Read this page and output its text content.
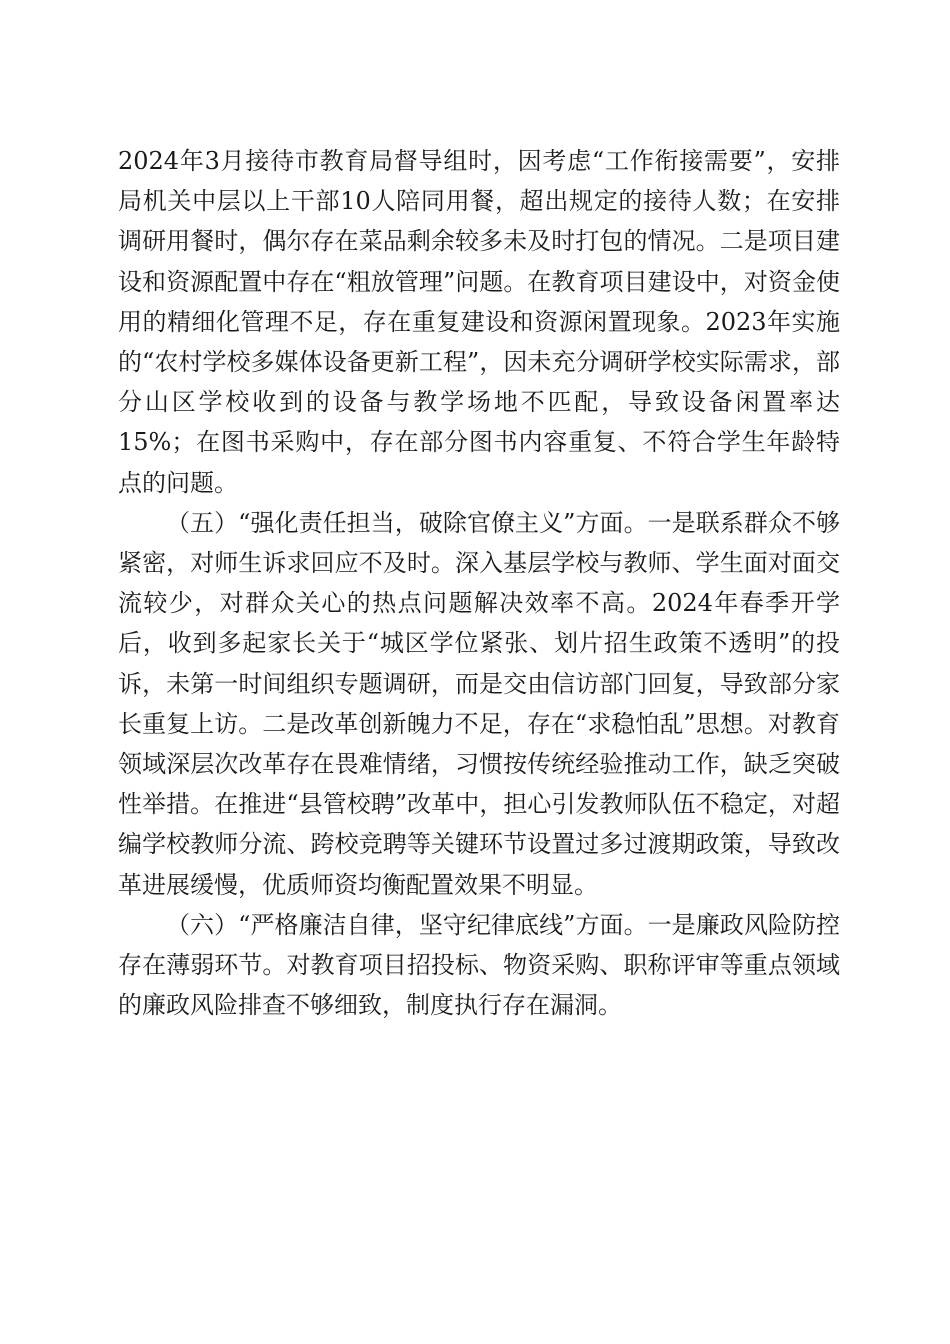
2024年3月接待市教育局督导组时，因考虑“工作衔接需要”，安排局机关中层以上干部10人陪同用餐，超出规定的接待人数；在安排调研用餐时，偶尔存在菜品剩余较多未及时打包的情况。二是项目建设和资源配置中存在“粗放管理”问题。在教育项目建设中，对资金使用的精细化管理不足，存在重复建设和资源闲置现象。2023年实施的“农村学校多媒体设备更新工程”，因未充分调研学校实际需求，部分山区学校收到的设备与教学场地不匹配，导致设备闲置率达15%；在图书采购中，存在部分图书内容重复、不符合学生年龄特点的问题。

（五）“强化责任担当，破除官僚主义”方面。一是联系群众不够紧密，对师生诉求回应不及时。深入基层学校与教师、学生面对面交流较少，对群众关心的热点问题解决效率不高。2024年春季开学后，收到多起家长关于“城区学位紧张、划片招生政策不透明”的投诉，未第一时间组织专题调研，而是交由信访部门回复，导致部分家长重复上访。二是改革创新魄力不足，存在“求稳怕乱”思想。对教育领域深层次改革存在畏难情绪，习惯按传统经验推动工作，缺乏突破性举措。在推进“县管校聘”改革中，担心引发教师队伍不稳定，对超编学校教师分流、跨校竞聘等关键环节设置过多过渡期政策，导致改革进展缓慢，优质师资均衡配置效果不明显。

（六）“严格廉洁自律，坚守纪律底线”方面。一是廉政风险防控存在薄弱环节。对教育项目招投标、物资采购、职称评审等重点领域的廉政风险排查不够细致，制度执行存在漏洞。
